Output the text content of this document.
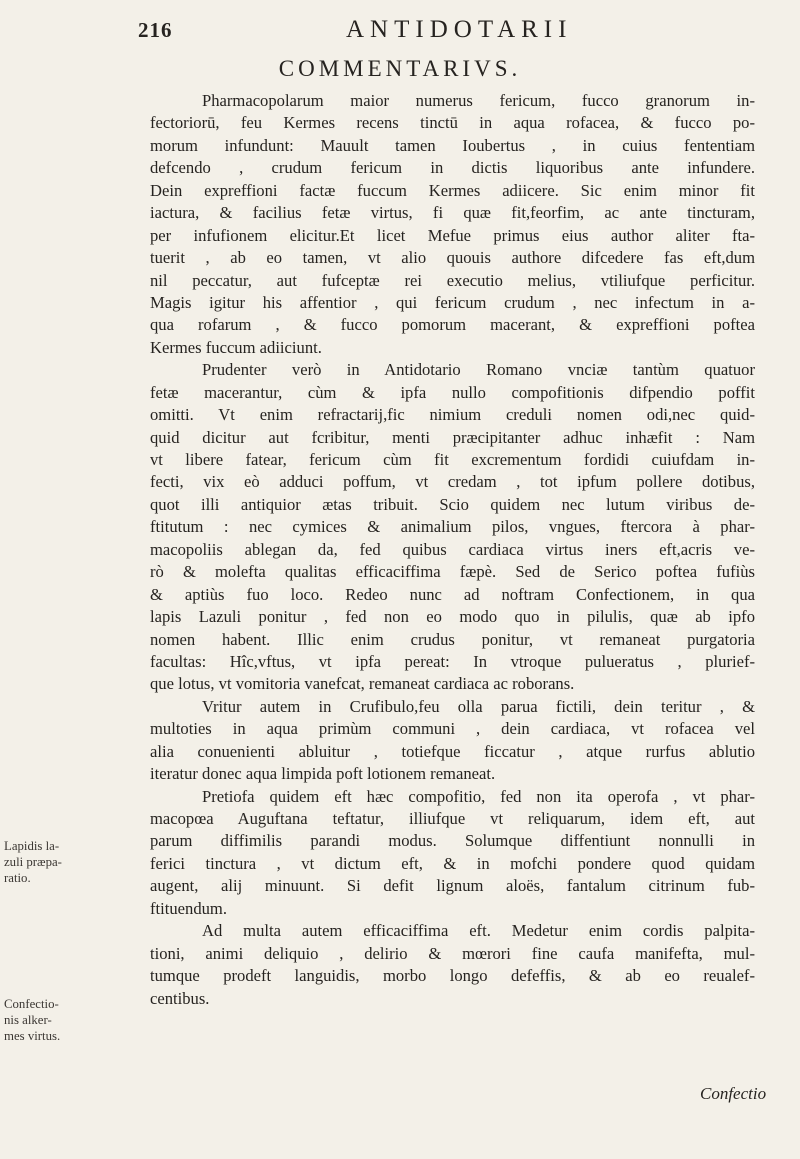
216	ANTIDOTARII
COMMENTARIVS.

Pharmacopolarum maior numerus fericum, fucco granorum in-
fectoriorū, feu Kermes recens tinctū in aqua rofacea, & fucco po-
morum infundunt: Mauult tamen Ioubertus , in cuius fententiam
defcendo , crudum fericum in dictis liquoribus ante infundere.
Dein expreffioni factæ fuccum Kermes adiicere. Sic enim minor fit
iactura, & facilius fetæ virtus, fi quæ fit,feorfim, ac ante tincturam,
per infufionem elicitur.Et licet Mefue primus eius author aliter fta-
tuerit , ab eo tamen, vt alio quouis authore difcedere fas eft,dum
nil peccatur, aut fufceptæ rei executio melius, vtiliufque perficitur.
Magis igitur his affentior , qui fericum crudum , nec infectum in a-
qua rofarum , & fucco pomorum macerant, & expreffioni poftea
Kermes fuccum adiiciunt.

Prudenter verò in Antidotario Romano vnciæ tantùm quatuor
fetæ macerantur, cùm & ipfa nullo compofitionis difpendio poffit
omitti. Vt enim refractarij,fic nimium creduli nomen odi,nec quid-
quid dicitur aut fcribitur, menti præcipitanter adhuc inhæfit : Nam
vt libere fatear, fericum cùm fit excrementum fordidi cuiufdam in-
fecti, vix eò adduci poffum, vt credam , tot ipfum pollere dotibus,
quot illi antiquior ætas tribuit. Scio quidem nec lutum viribus de-
ftitutum : nec cymices & animalium pilos, vngues, ftercora à phar-
macopoliis ablegan da, fed quibus cardiaca virtus iners eft,acris ve-
rò & molefta qualitas efficaciffima fæpè. Sed de Serico poftea fufiùs
& aptiùs fuo loco. Redeo nunc ad noftram Confectionem, in qua
lapis Lazuli ponitur , fed non eo modo quo in pilulis, quæ ab ipfo
nomen habent. Illic enim crudus ponitur, vt remaneat purgatoria
facultas: Hîc,vftus, vt ipfa pereat: In vtroque pulueratus , plurief-
que lotus, vt vomitoria vanefcat, remaneat cardiaca ac roborans.

Vritur autem in Crufibulo,feu olla parua fictili, dein teritur , &
multoties in aqua primùm communi , dein cardiaca, vt rofacea vel
alia conuenienti abluitur , totiefque ficcatur , atque rurfus ablutio
iteratur donec aqua limpida poft lotionem remaneat.

Pretiofa quidem eft hæc compofitio, fed non ita operofa , vt phar-
macopœa Auguftana teftatur, illiufque vt reliquarum, idem eft, aut
parum diffimilis parandi modus. Solumque diffentiunt nonnulli in
ferici tinctura , vt dictum eft, & in mofchi pondere quod quidam
augent, alij minuunt. Si defit lignum aloës, fantalum citrinum fub-
ftituendum.

Ad multa autem efficaciffima eft. Medetur enim cordis palpita-
tioni, animi deliquio , delirio & mœrori fine caufa manifefta, mul-
tumque prodeft languidis, morbo longo defeffis, & ab eo reualef-
centibus.

Lapidis la-
zuli præpa-
ratio.
Confectio-
nis alker-
mes virtus.
Confectio
